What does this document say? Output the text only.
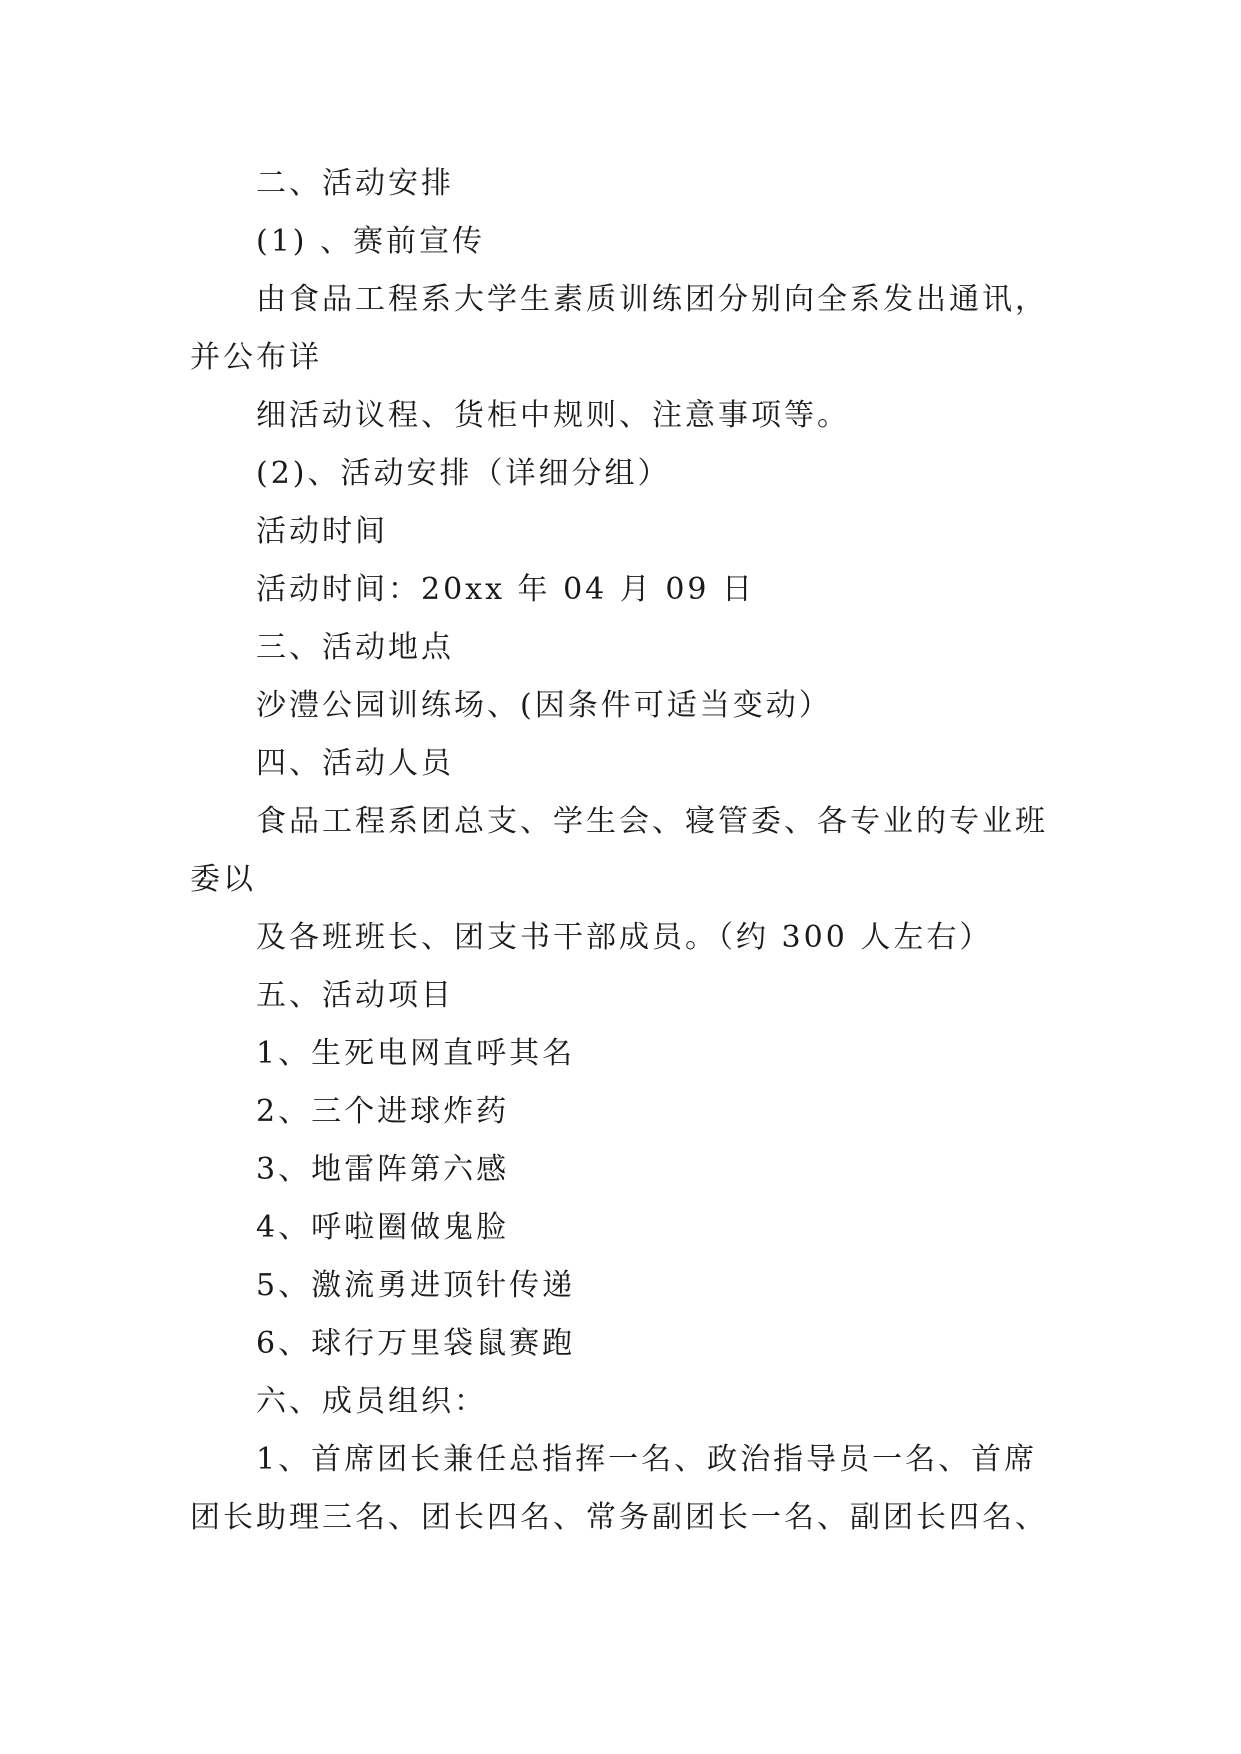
二、活动安排

(1) 、赛前宣传

由食品工程系大学生素质训练团分别向全系发出通讯，

并公布详

细活动议程、货柜中规则、注意事项等。

(2)、活动安排（详细分组）

活动时间

活动时间：20xx 年 04 月 09 日

三、活动地点

沙澧公园训练场、(因条件可适当变动）

四、活动人员

食品工程系团总支、学生会、寝管委、各专业的专业班

委以

及各班班长、团支书干部成员。（约 300 人左右）

五、活动项目

1、生死电网直呼其名

2、三个进球炸药

3、地雷阵第六感

4、呼啦圈做鬼脸

5、激流勇进顶针传递

6、球行万里袋鼠赛跑

六、成员组织：

1、首席团长兼任总指挥一名、政治指导员一名、首席

团长助理三名、团长四名、常务副团长一名、副团长四名、
